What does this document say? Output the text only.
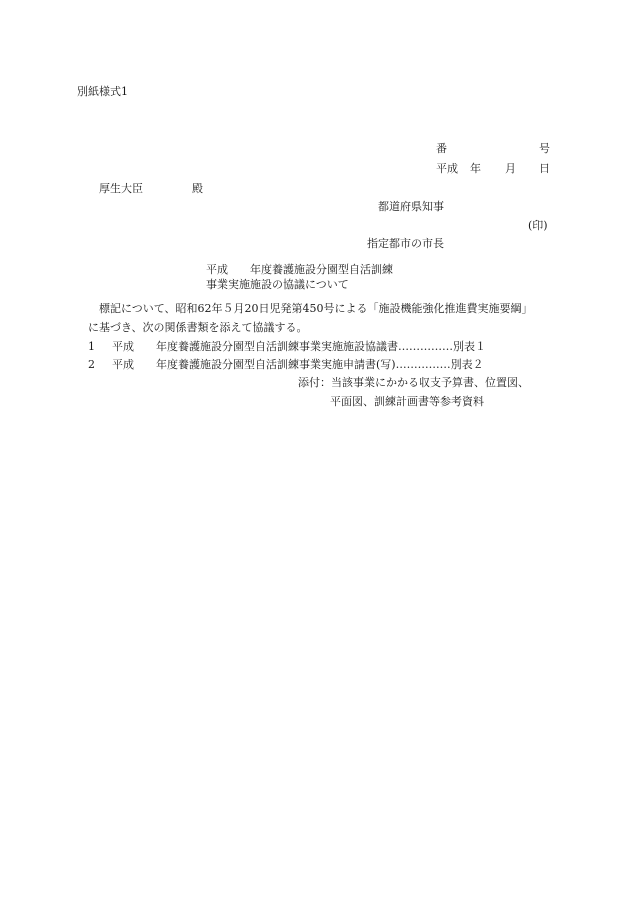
別紙様式1
番	号
平成 年 月 日
厚生大臣	殿
都道府県知事
(印)
指定都市の市長
平成　　年度養護施設分園型自活訓練
事業実施施設の協議について
標記について、昭和62年５月20日児発第450号による「施設機能強化推進費実施要綱」
に基づき、次の関係書類を添えて協議する。
1 平成　　年度養護施設分園型自活訓練事業実施施設協議書……………別表１
2 平成　　年度養護施設分園型自活訓練事業実施申請書(写)……………別表２
添付：当該事業にかかる収支予算書、位置図、
平面図、訓練計画書等参考資料
